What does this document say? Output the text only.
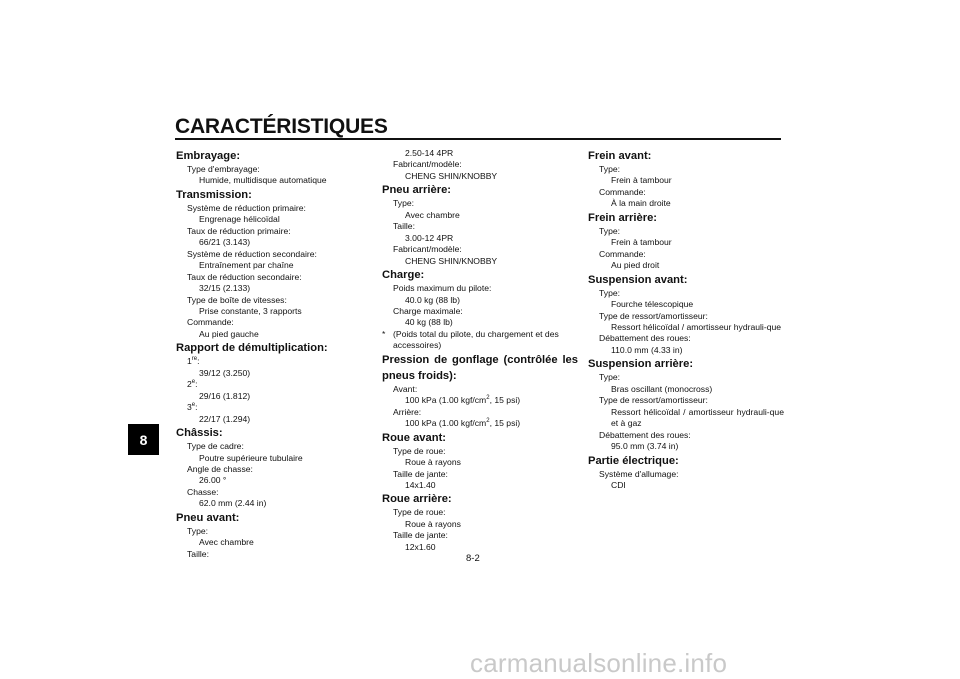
CARACTÉRISTIQUES
8
Embrayage:
Type d'embrayage:
Humide, multidisque automatique
Transmission:
Système de réduction primaire:
Engrenage hélicoïdal
Taux de réduction primaire:
66/21 (3.143)
Système de réduction secondaire:
Entraînement par chaîne
Taux de réduction secondaire:
32/15 (2.133)
Type de boîte de vitesses:
Prise constante, 3 rapports
Commande:
Au pied gauche
Rapport de démultiplication:
1re:
39/12 (3.250)
2e:
29/16 (1.812)
3e:
22/17 (1.294)
Châssis:
Type de cadre:
Poutre supérieure tubulaire
Angle de chasse:
26.00 °
Chasse:
62.0 mm (2.44 in)
Pneu avant:
Type:
Avec chambre
Taille:
2.50-14 4PR
Fabricant/modèle:
CHENG SHIN/KNOBBY
Pneu arrière:
Type:
Avec chambre
Taille:
3.00-12 4PR
Fabricant/modèle:
CHENG SHIN/KNOBBY
Charge:
Poids maximum du pilote:
40.0 kg (88 lb)
Charge maximale:
40 kg (88 lb)
* (Poids total du pilote, du chargement et des accessoires)
Pression de gonflage (contrôlée les
pneus froids):
Avant:
100 kPa (1.00 kgf/$cm^2$, 15 psi)
Arrière:
100 kPa (1.00 kgf/$cm^2$, 15 psi)
Roue avant:
Type de roue:
Roue à rayons
Taille de jante:
14x1.40
Roue arrière:
Type de roue:
Roue à rayons
Taille de jante:
12x1.60
Frein avant:
Type:
Frein à tambour
Commande:
À la main droite
Frein arrière:
Type:
Frein à tambour
Commande:
Au pied droit
Suspension avant:
Type:
Fourche télescopique
Type de ressort/amortisseur:
Ressort hélicoïdal / amortisseur hydrauli-que
Débattement des roues:
110.0 mm (4.33 in)
Suspension arrière:
Type:
Bras oscillant (monocross)
Type de ressort/amortisseur:
Ressort hélicoïdal / amortisseur hydrauli-que et à gaz
Débattement des roues:
95.0 mm (3.74 in)
Partie électrique:
Système d'allumage:
CDI
8-2
carmanualsonline.info
